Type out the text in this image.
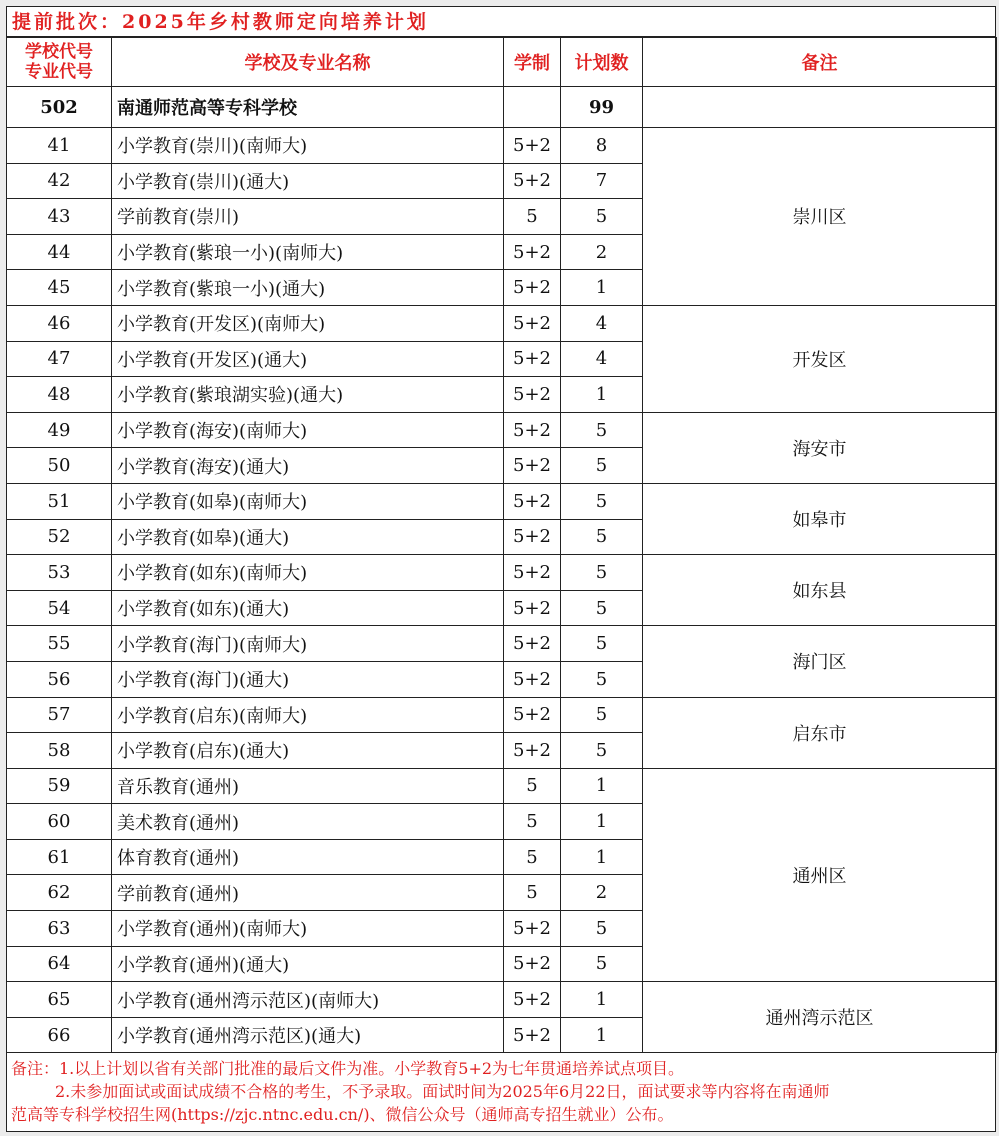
提前批次：2025年乡村教师定向培养计划
学校代号
专业代号	学校及专业名称	学制	计划数	备注
502	南通师范高等专科学校		99	
41	小学教育(崇川)(南师大)	5+2	8	崇川区
42	小学教育(崇川)(通大)	5+2	7	
43	学前教育(崇川)	5	5	
44	小学教育(紫琅一小)(南师大)	5+2	2	
45	小学教育(紫琅一小)(通大)	5+2	1	
46	小学教育(开发区)(南师大)	5+2	4	开发区
47	小学教育(开发区)(通大)	5+2	4	
48	小学教育(紫琅湖实验)(通大)	5+2	1	
49	小学教育(海安)(南师大)	5+2	5	海安市
50	小学教育(海安)(通大)	5+2	5	
51	小学教育(如皋)(南师大)	5+2	5	如皋市
52	小学教育(如皋)(通大)	5+2	5	
53	小学教育(如东)(南师大)	5+2	5	如东县
54	小学教育(如东)(通大)	5+2	5	
55	小学教育(海门)(南师大)	5+2	5	海门区
56	小学教育(海门)(通大)	5+2	5	
57	小学教育(启东)(南师大)	5+2	5	启东市
58	小学教育(启东)(通大)	5+2	5	
59	音乐教育(通州)	5	1	通州区
60	美术教育(通州)	5	1	
61	体育教育(通州)	5	1	
62	学前教育(通州)	5	2	
63	小学教育(通州)(南师大)	5+2	5	
64	小学教育(通州)(通大)	5+2	5	
65	小学教育(通州湾示范区)(南师大)	5+2	1	通州湾示范区
66	小学教育(通州湾示范区)(通大)	5+2	1	
备注：1.以上计划以省有关部门批准的最后文件为准。小学教育5+2为七年贯通培养试点项目。
2.未参加面试或面试成绩不合格的考生，不予录取。面试时间为2025年6月22日，面试要求等内容将在南通师
范高等专科学校招生网(https://zjc.ntnc.edu.cn/)、微信公众号（通师高专招生就业）公布。
